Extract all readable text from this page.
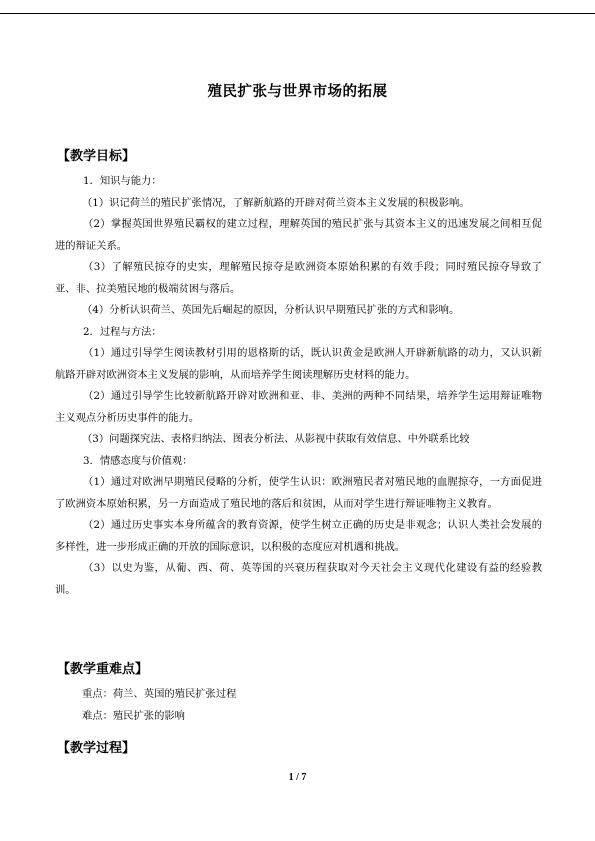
殖民扩张与世界市场的拓展
【教学目标】

1．知识与能力：

（1）识记荷兰的殖民扩张情况，了解新航路的开辟对荷兰资本主义发展的积极影响。

（2）掌握英国世界殖民霸权的建立过程，理解英国的殖民扩张与其资本主义的迅速发展之间相互促进的辩证关系。

（3）了解殖民掠夺的史实，理解殖民掠夺是欧洲资本原始积累的有效手段；同时殖民掠夺导致了亚、非、拉美殖民地的极端贫困与落后。

（4）分析认识荷兰、英国先后崛起的原因，分析认识早期殖民扩张的方式和影响。

2．过程与方法：

（1）通过引导学生阅读教材引用的恩格斯的话，既认识黄金是欧洲人开辟新航路的动力，又认识新航路开辟对欧洲资本主义发展的影响，从而培养学生阅读理解历史材料的能力。

（2）通过引导学生比较新航路开辟对欧洲和亚、非、美洲的两种不同结果，培养学生运用辩证唯物主义观点分析历史事件的能力。

（3）问题探究法、表格归纳法、图表分析法、从影视中获取有效信息、中外联系比较

3．情感态度与价值观：

（1）通过对欧洲早期殖民侵略的分析，使学生认识：欧洲殖民者对殖民地的血腥掠夺，一方面促进了欧洲资本原始积累，另一方面造成了殖民地的落后和贫困，从而对学生进行辩证唯物主义教育。

（2）通过历史事实本身所蕴含的教育资源，使学生树立正确的历史是非观念；认识人类社会发展的多样性，进一步形成正确的开放的国际意识，以积极的态度应对机遇和挑战。

（3）以史为鉴，从葡、西、荷、英等国的兴衰历程获取对今天社会主义现代化建设有益的经验教训。

【教学重难点】

重点：荷兰、英国的殖民扩张过程

难点：殖民扩张的影响

【教学过程】
1 / 7
